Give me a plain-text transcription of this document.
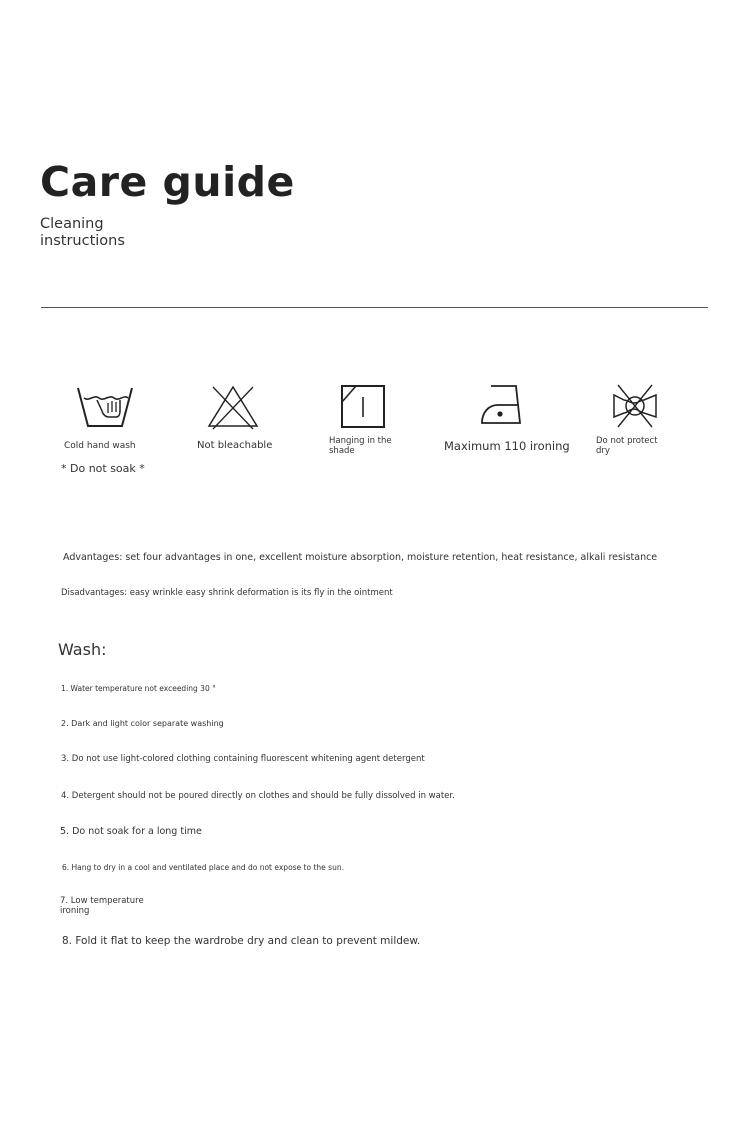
Care guide
Cleaning instructions
Cold hand wash
* Do not soak *
Not bleachable	Hanging in the shade	Maximum 110 ironing	Do not protect dry
Advantages: set four advantages in one, excellent moisture absorption, moisture retention, heat resistance, alkali resistance
Disadvantages: easy wrinkle easy shrink deformation is its fly in the ointment
Wash:
1. Water temperature not exceeding 30 °
2. Dark and light color separate washing
3. Do not use light-colored clothing containing fluorescent whitening agent detergent
4. Detergent should not be poured directly on clothes and should be fully dissolved in water.
5. Do not soak for a long time
6. Hang to dry in a cool and ventilated place and do not expose to the sun.
7. Low temperature ironing
8. Fold it flat to keep the wardrobe dry and clean to prevent mildew.
